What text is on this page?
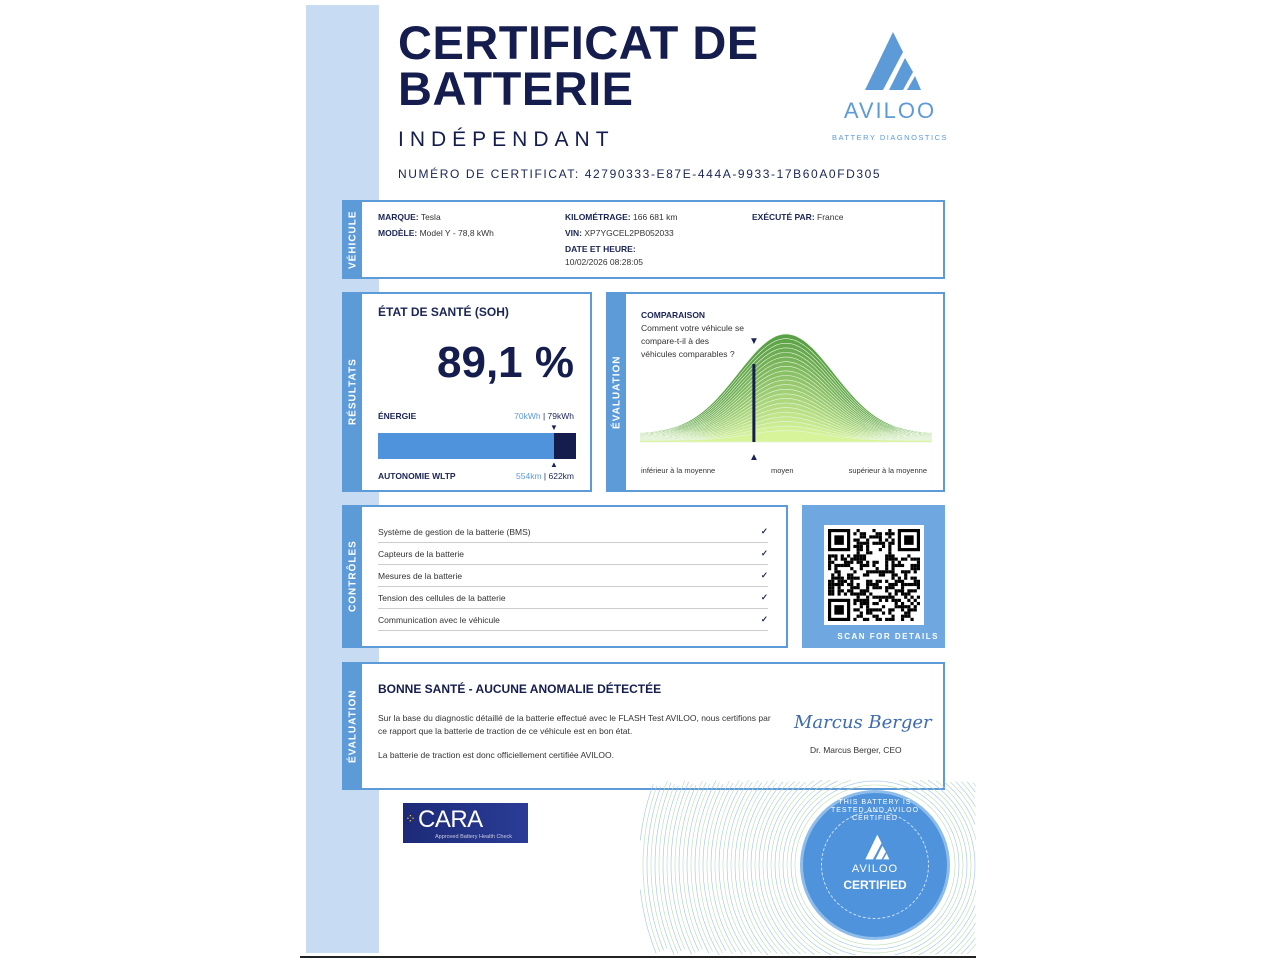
CERTIFICAT DE
BATTERIE
INDÉPENDANT
NUMÉRO DE CERTIFICAT: 42790333-E87E-444A-9933-17B60A0FD305
AVILOO
BATTERY DIAGNOSTICS
VÉHICULE	MARQUE: Tesla
MODÈLE: Model Y - 78,8 kWh
KILOMÉTRAGE: 166 681 km
VIN: XP7YGCEL2PB052033
DATE ET HEURE:
10/02/2026 08:28:05
EXÉCUTÉ PAR: France
RÉSULTATS
ÉTAT DE SANTÉ (SOH)
89,1 %
ÉNERGIE	70kWh | 79kWh
▼
▲
AUTONOMIE WLTP	554km | 622km
ÉVALUATION
COMPARAISON
Comment votre véhicule se compare-t-il à des véhicules comparables ?
▼
▲
inférieur à la moyenne	moyen	supérieur à la moyenne
CONTRÔLES
Système de gestion de la batterie (BMS)	✓
Capteurs de la batterie	✓
Mesures de la batterie	✓
Tension des cellules de la batterie	✓
Communication avec le véhicule	✓
SCAN FOR DETAILS
ÉVALUATION
BONNE SANTÉ - AUCUNE ANOMALIE DÉTECTÉE
Sur la base du diagnostic détaillé de la batterie effectué avec le FLASH Test AVILOO, nous certifions par ce rapport que la batterie de traction de ce véhicule est en bon état.
La batterie de traction est donc officiellement certifiée AVILOO.
Marcus Berger
Dr. Marcus Berger, CEO
⁘ CARA
Approved Battery Health Check
THIS BATTERY IS TESTED AND AVILOO CERTIFIED
AVILOO
CERTIFIED
